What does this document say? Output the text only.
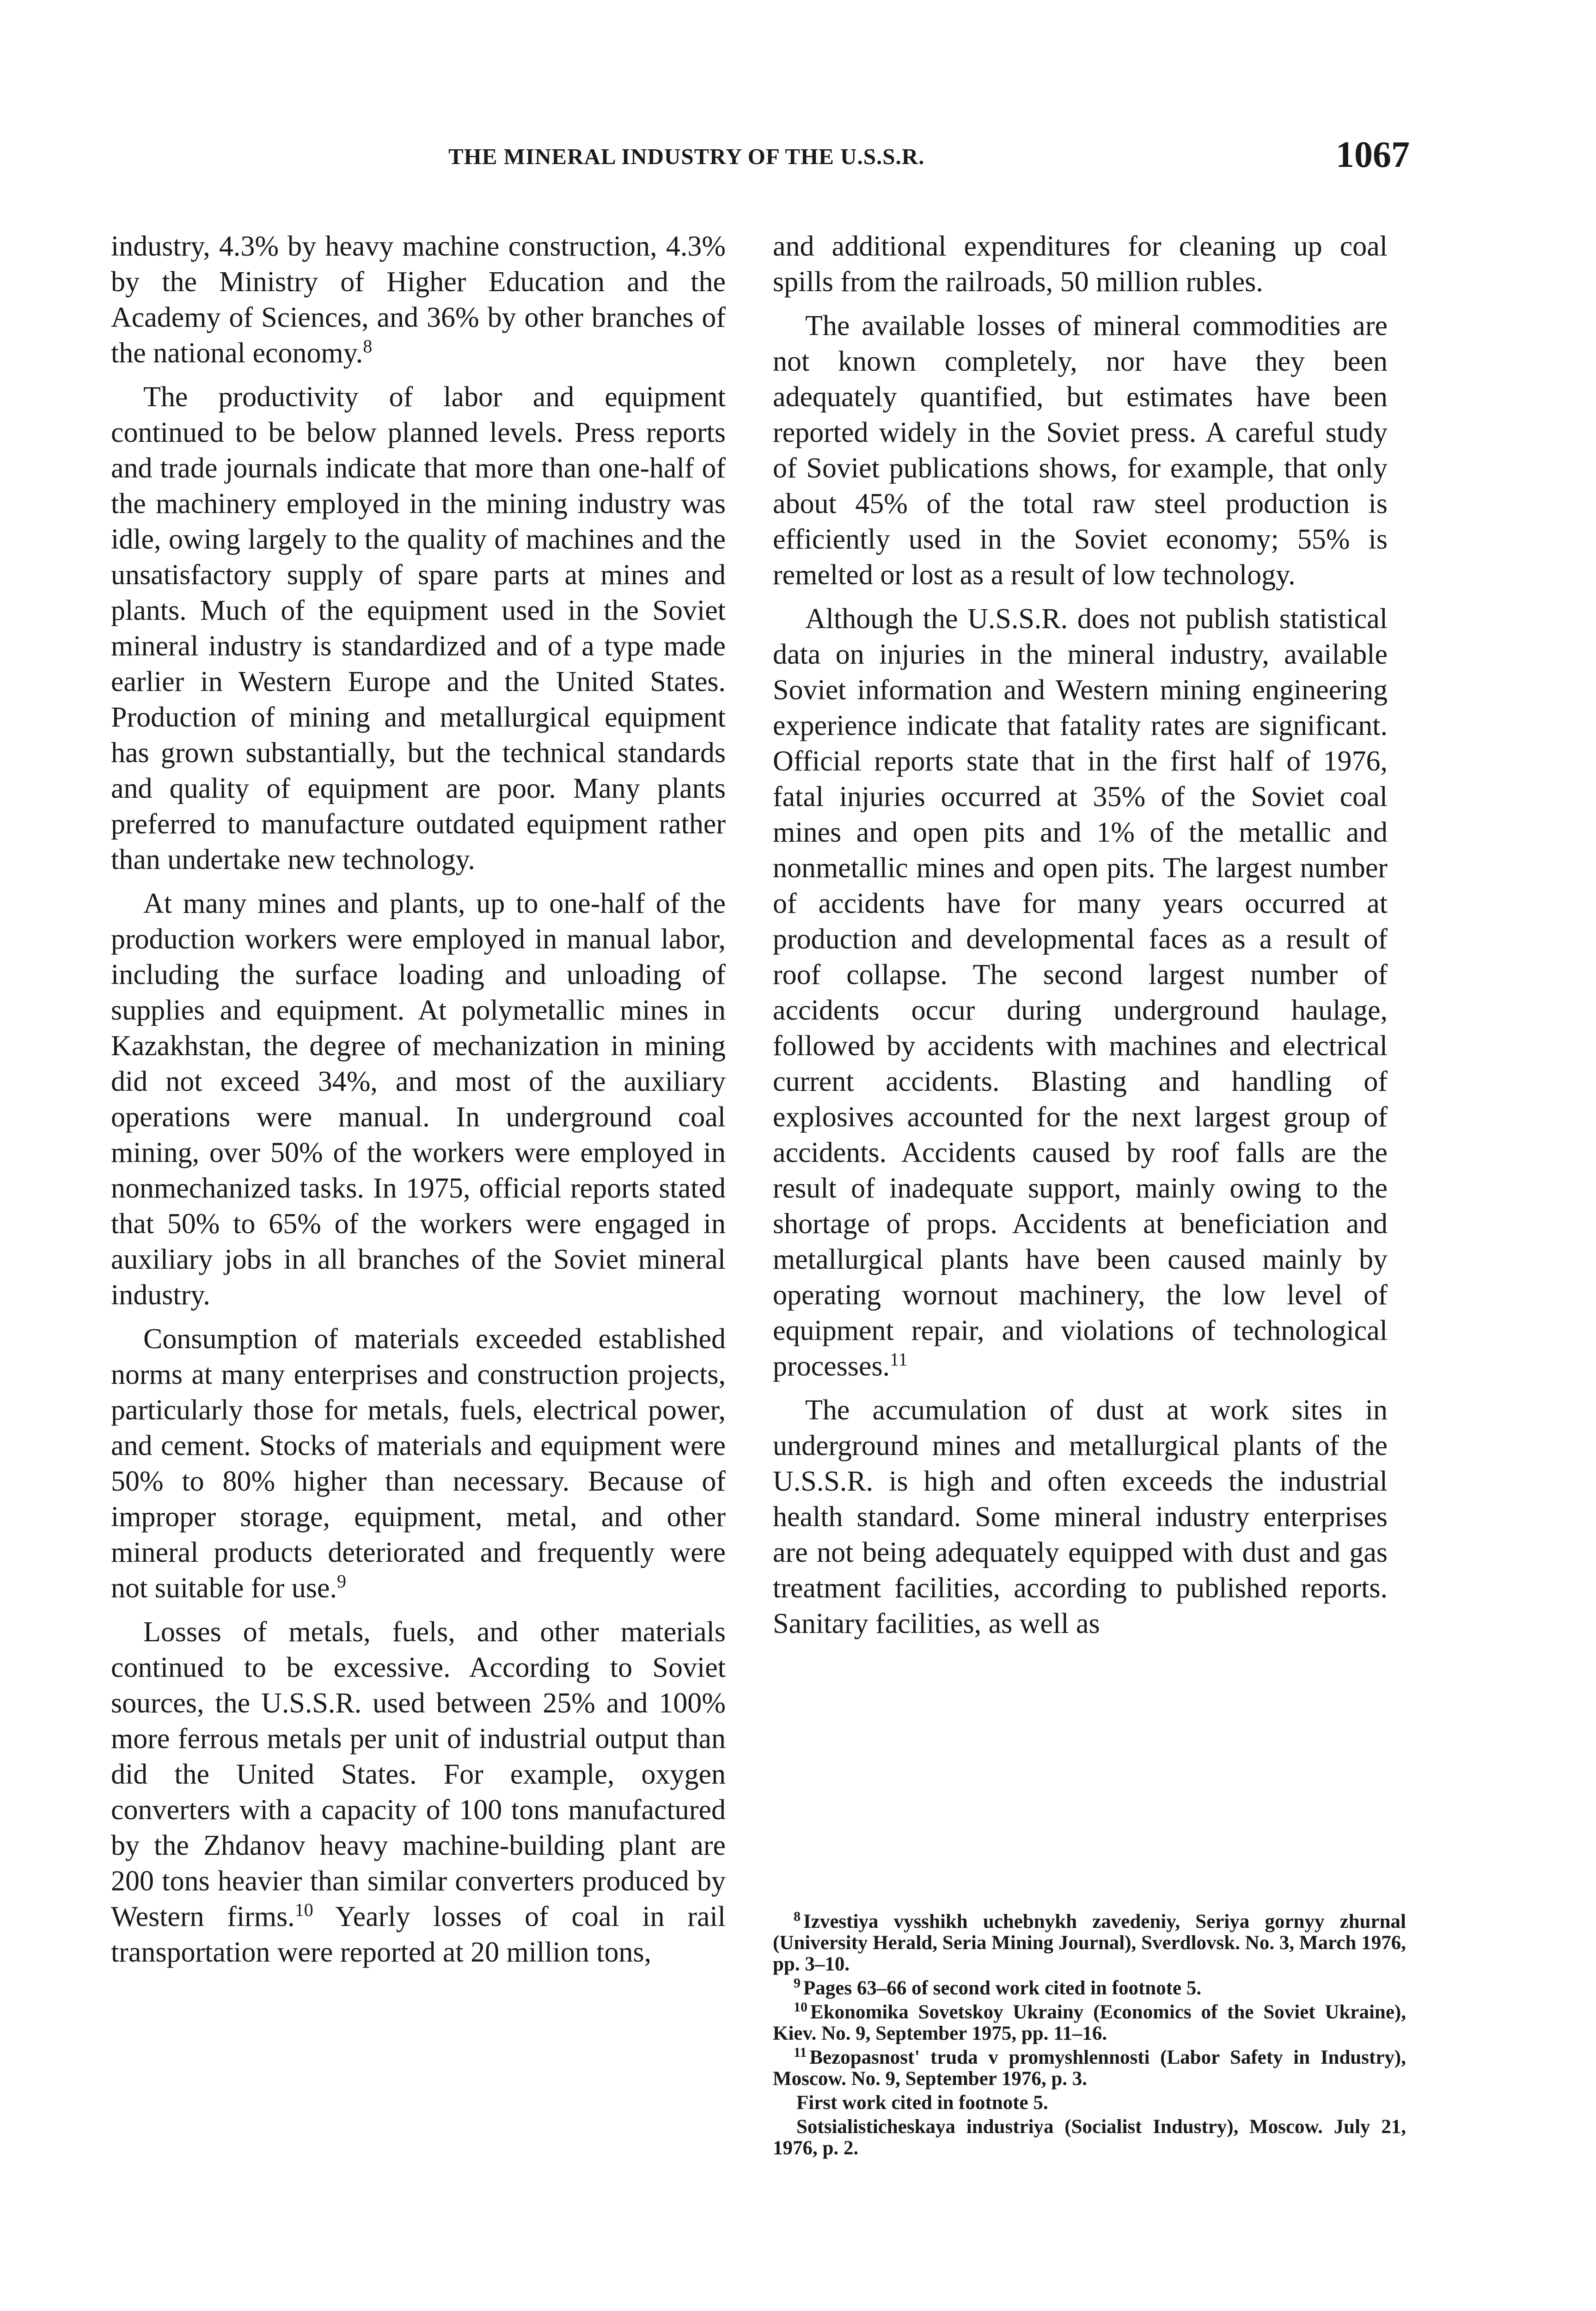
THE MINERAL INDUSTRY OF THE U.S.S.R.	1067

industry, 4.3% by heavy machine construction, 4.3% by the Ministry of Higher Education and the Academy of Sciences, and 36% by other branches of the national economy.$^8$

The productivity of labor and equipment continued to be below planned levels. Press reports and trade journals indicate that more than one-half of the machinery employed in the mining industry was idle, owing largely to the quality of machines and the unsatisfactory supply of spare parts at mines and plants. Much of the equipment used in the Soviet mineral industry is standardized and of a type made earlier in Western Europe and the United States. Production of mining and metallurgical equipment has grown substantially, but the technical standards and quality of equipment are poor. Many plants preferred to manufacture outdated equipment rather than undertake new technology.

At many mines and plants, up to one-half of the production workers were employed in manual labor, including the surface loading and unloading of supplies and equipment. At polymetallic mines in Kazakhstan, the degree of mechanization in mining did not exceed 34%, and most of the auxiliary operations were manual. In underground coal mining, over 50% of the workers were employed in nonmechanized tasks. In 1975, official reports stated that 50% to 65% of the workers were engaged in auxiliary jobs in all branches of the Soviet mineral industry.

Consumption of materials exceeded established norms at many enterprises and construction projects, particularly those for metals, fuels, electrical power, and cement. Stocks of materials and equipment were 50% to 80% higher than necessary. Because of improper storage, equipment, metal, and other mineral products deteriorated and frequently were not suitable for use.$^9$

Losses of metals, fuels, and other materials continued to be excessive. According to Soviet sources, the U.S.S.R. used between 25% and 100% more ferrous metals per unit of industrial output than did the United States. For example, oxygen converters with a capacity of 100 tons manufactured by the Zhdanov heavy machine-building plant are 200 tons heavier than similar converters produced by Western firms.$^{10}$ Yearly losses of coal in rail transportation were reported at 20 million tons,

and additional expenditures for cleaning up coal spills from the railroads, 50 million rubles.

The available losses of mineral commodities are not known completely, nor have they been adequately quantified, but estimates have been reported widely in the Soviet press. A careful study of Soviet publications shows, for example, that only about 45% of the total raw steel production is efficiently used in the Soviet economy; 55% is remelted or lost as a result of low technology.

Although the U.S.S.R. does not publish statistical data on injuries in the mineral industry, available Soviet information and Western mining engineering experience indicate that fatality rates are significant. Official reports state that in the first half of 1976, fatal injuries occurred at 35% of the Soviet coal mines and open pits and 1% of the metallic and nonmetallic mines and open pits. The largest number of accidents have for many years occurred at production and developmental faces as a result of roof collapse. The second largest number of accidents occur during underground haulage, followed by accidents with machines and electrical current accidents. Blasting and handling of explosives accounted for the next largest group of accidents. Accidents caused by roof falls are the result of inadequate support, mainly owing to the shortage of props. Accidents at beneficiation and metallurgical plants have been caused mainly by operating wornout machinery, the low level of equipment repair, and violations of technological processes.$^{11}$

The accumulation of dust at work sites in underground mines and metallurgical plants of the U.S.S.R. is high and often exceeds the industrial health standard. Some mineral industry enterprises are not being adequately equipped with dust and gas treatment facilities, according to published reports. Sanitary facilities, as well as

$^8$ Izvestiya vysshikh uchebnykh zavedeniy, Seriya gornyy zhurnal (University Herald, Seria Mining Journal), Sverdlovsk. No. 3, March 1976, pp. 3–10.

$^9$ Pages 63–66 of second work cited in footnote 5.

$^{10}$ Ekonomika Sovetskoy Ukrainy (Economics of the Soviet Ukraine), Kiev. No. 9, September 1975, pp. 11–16.

$^{11}$ Bezopasnost' truda v promyshlennosti (Labor Safety in Industry), Moscow. No. 9, September 1976, p. 3.

First work cited in footnote 5.

Sotsialisticheskaya industriya (Socialist Industry), Moscow. July 21, 1976, p. 2.
